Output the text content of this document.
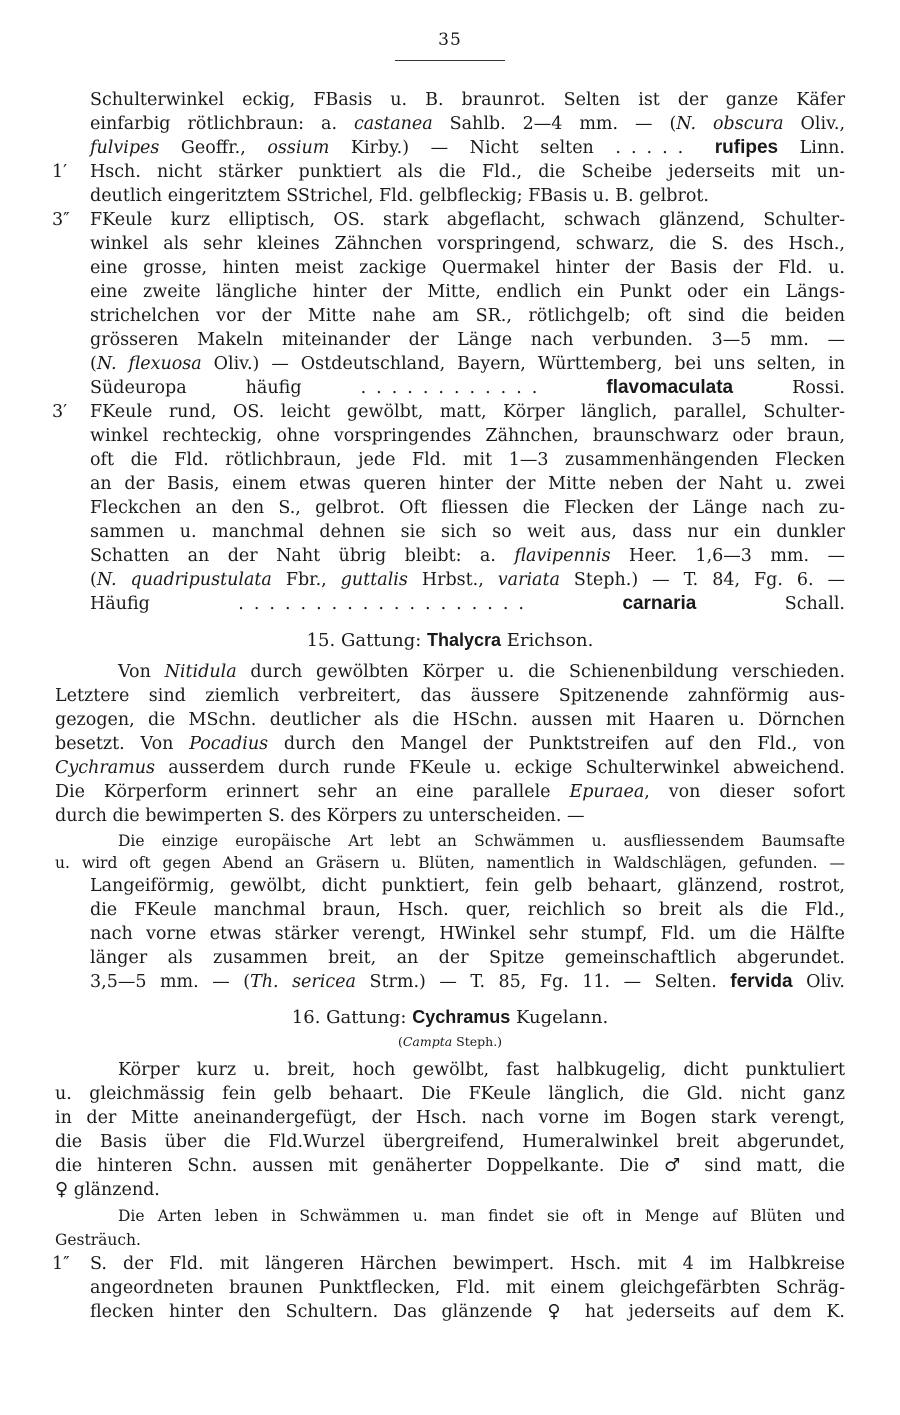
35
Schulterwinkel eckig, FBasis u. B. braunrot. Selten ist der ganze Käfer
einfarbig rötlichbraun: a. castanea Sahlb. 2—4 mm. — (N. obscura Oliv.,
fulvipes Geoffr., ossium Kirby.) — Nicht selten ..... rufipes Linn.
1′ Hsch. nicht stärker punktiert als die Fld., die Scheibe jederseits mit un-
deutlich eingeritztem SStrichel, Fld. gelbfleckig; FBasis u. B. gelbrot.
3″ FKeule kurz elliptisch, OS. stark abgeflacht, schwach glänzend, Schulter-
winkel als sehr kleines Zähnchen vorspringend, schwarz, die S. des Hsch.,
eine grosse, hinten meist zackige Quermakel hinter der Basis der Fld. u.
eine zweite längliche hinter der Mitte, endlich ein Punkt oder ein Längs-
strichelchen vor der Mitte nahe am SR., rötlichgelb; oft sind die beiden
grösseren Makeln miteinander der Länge nach verbunden. 3—5 mm. —
(N. flexuosa Oliv.) — Ostdeutschland, Bayern, Württemberg, bei uns selten, in
Südeuropa häufig ............	flavomaculata Rossi.
3′ FKeule rund, OS. leicht gewölbt, matt, Körper länglich, parallel, Schulter-
winkel rechteckig, ohne vorspringendes Zähnchen, braunschwarz oder braun,
oft die Fld. rötlichbraun, jede Fld. mit 1—3 zusammenhängenden Flecken
an der Basis, einem etwas queren hinter der Mitte neben der Naht u. zwei
Fleckchen an den S., gelbrot. Oft fliessen die Flecken der Länge nach zu-
sammen u. manchmal dehnen sie sich so weit aus, dass nur ein dunkler
Schatten an der Naht übrig bleibt: a. flavipennis Heer. 1,6—3 mm. —
(N. quadripustulata Fbr., guttalis Hrbst., variata Steph.) — T. 84, Fg. 6. —
Häufig ...................	carnaria Schall.
15. Gattung: Thalycra Erichson.
Von Nitidula durch gewölbten Körper u. die Schienenbildung verschieden.
Letztere sind ziemlich verbreitert, das äussere Spitzenende zahnförmig aus-
gezogen, die MSchn. deutlicher als die HSchn. aussen mit Haaren u. Dörnchen
besetzt. Von Pocadius durch den Mangel der Punktstreifen auf den Fld., von
Cychramus ausserdem durch runde FKeule u. eckige Schulterwinkel abweichend.
Die Körperform erinnert sehr an eine parallele Epuraea, von dieser sofort
durch die bewimperten S. des Körpers zu unterscheiden. —
Die einzige europäische Art lebt an Schwämmen u. ausfliessendem Baumsafte
u. wird oft gegen Abend an Gräsern u. Blüten, namentlich in Waldschlägen, gefunden. —
Langeiförmig, gewölbt, dicht punktiert, fein gelb behaart, glänzend, rostrot,
die FKeule manchmal braun, Hsch. quer, reichlich so breit als die Fld.,
nach vorne etwas stärker verengt, HWinkel sehr stumpf, Fld. um die Hälfte
länger als zusammen breit, an der Spitze gemeinschaftlich abgerundet.
3,5—5 mm. — (Th. sericea Strm.) — T. 85, Fg. 11. — Selten. fervida Oliv.
16. Gattung: Cychramus Kugelann.
(Campta Steph.)
Körper kurz u. breit, hoch gewölbt, fast halbkugelig, dicht punktuliert
u. gleichmässig fein gelb behaart. Die FKeule länglich, die Gld. nicht ganz
in der Mitte aneinandergefügt, der Hsch. nach vorne im Bogen stark verengt,
die Basis über die Fld.Wurzel übergreifend, Humeralwinkel breit abgerundet,
die hinteren Schn. aussen mit genäherter Doppelkante. Die ♂ sind matt, die
♀ glänzend.
Die Arten leben in Schwämmen u. man findet sie oft in Menge auf Blüten und
Gesträuch.
1″ S. der Fld. mit längeren Härchen bewimpert. Hsch. mit 4 im Halbkreise
angeordneten braunen Punktflecken, Fld. mit einem gleichgefärbten Schräg-
flecken hinter den Schultern. Das glänzende ♀ hat jederseits auf dem K.
